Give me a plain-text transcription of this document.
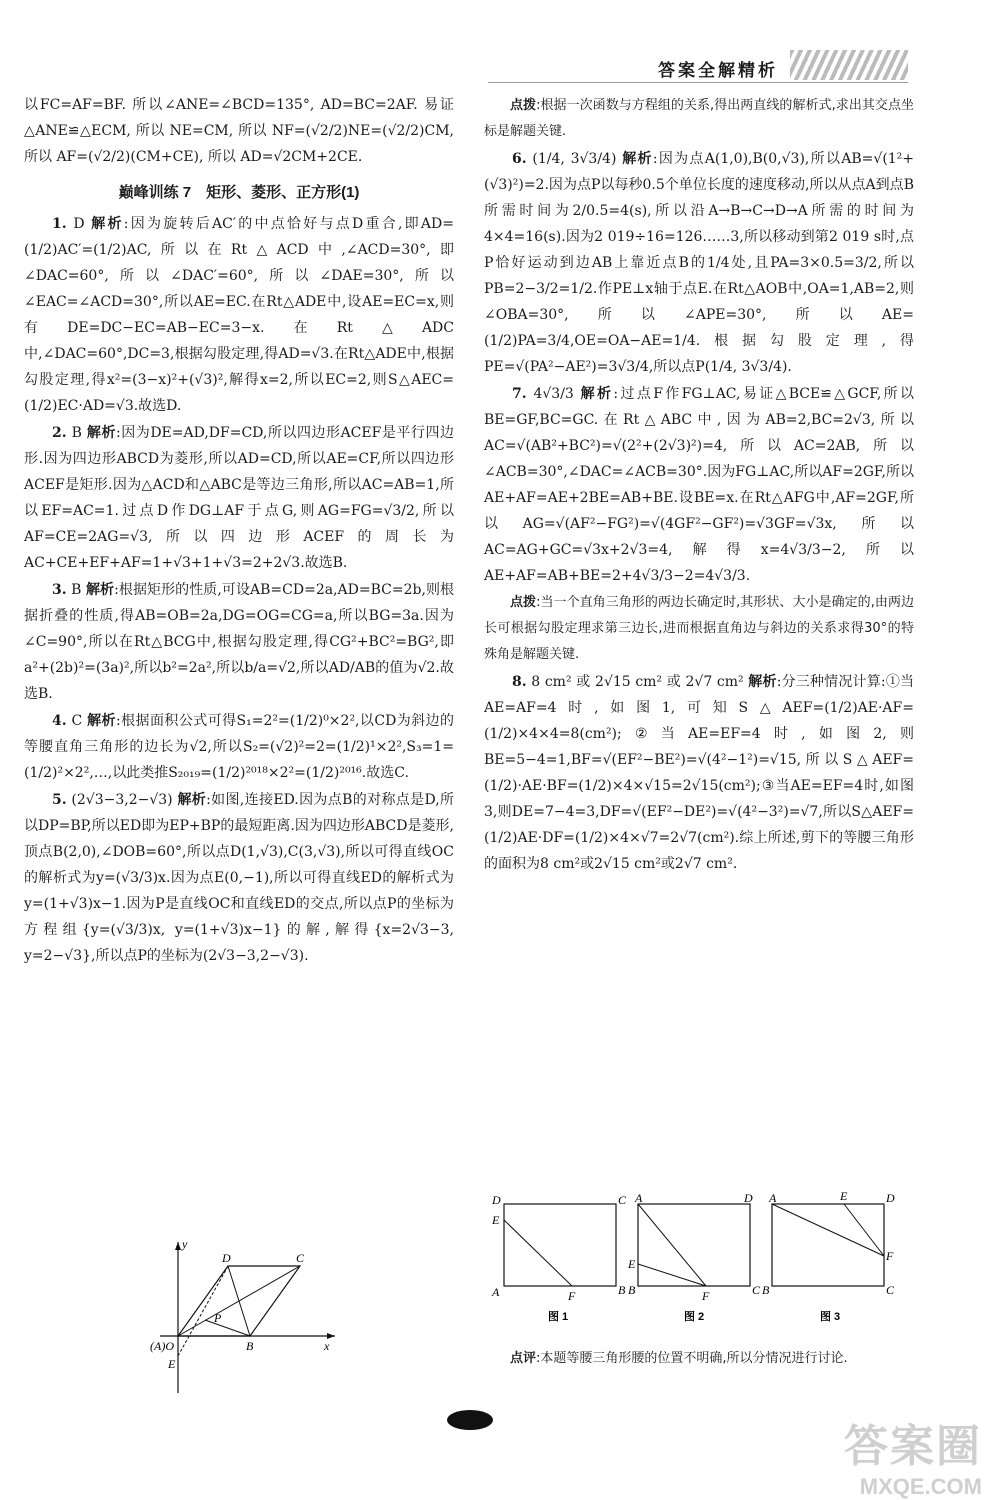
答案全解精析

以FC=AF=BF. 所以∠ANE=∠BCD=135°, AD=BC=2AF. 易证△ANE≌△ECM, 所以 NE=CM, 所以 NF=(√2/2)NE=(√2/2)CM, 所以 AF=(√2/2)(CM+CE), 所以 AD=√2CM+2CE.

巅峰训练 7　矩形、菱形、正方形(1)

1. D 解析:因为旋转后AC′的中点恰好与点D重合,即AD=(1/2)AC′=(1/2)AC,所以在Rt△ACD中,∠ACD=30°,即∠DAC=60°,所以∠DAC′=60°,所以∠DAE=30°,所以∠EAC=∠ACD=30°,所以AE=EC.在Rt△ADE中,设AE=EC=x,则有DE=DC−EC=AB−EC=3−x.在Rt△ADC中,∠DAC=60°,DC=3,根据勾股定理,得AD=√3.在Rt△ADE中,根据勾股定理,得x²=(3−x)²+(√3)²,解得x=2,所以EC=2,则S△AEC=(1/2)EC·AD=√3.故选D.

2. B 解析:因为DE=AD,DF=CD,所以四边形ACEF是平行四边形.因为四边形ABCD为菱形,所以AD=CD,所以AE=CF,所以四边形ACEF是矩形.因为△ACD和△ABC是等边三角形,所以AC=AB=1,所以EF=AC=1.过点D作DG⊥AF于点G,则AG=FG=√3/2,所以AF=CE=2AG=√3,所以四边形ACEF的周长为AC+CE+EF+AF=1+√3+1+√3=2+2√3.故选B.

3. B 解析:根据矩形的性质,可设AB=CD=2a,AD=BC=2b,则根据折叠的性质,得AB=OB=2a,DG=OG=CG=a,所以BG=3a.因为∠C=90°,所以在Rt△BCG中,根据勾股定理,得CG²+BC²=BG²,即a²+(2b)²=(3a)²,所以b²=2a²,所以b/a=√2,所以AD/AB的值为√2.故选B.

4. C 解析:根据面积公式可得S₁=2²=(1/2)⁰×2²,以CD为斜边的等腰直角三角形的边长为√2,所以S₂=(√2)²=2=(1/2)¹×2²,S₃=1=(1/2)²×2²,…,以此类推S₂₀₁₉=(1/2)²⁰¹⁸×2²=(1/2)²⁰¹⁶.故选C.

5. (2√3−3,2−√3) 解析:如图,连接ED.因为点B的对称点是D,所以DP=BP,所以ED即为EP+BP的最短距离.因为四边形ABCD是菱形,顶点B(2,0),∠DOB=60°,所以点D(1,√3),C(3,√3),所以可得直线OC的解析式为y=(√3/3)x.因为点E(0,−1),所以可得直线ED的解析式为y=(1+√3)x−1.因为P是直线OC和直线ED的交点,所以点P的坐标为方程组{y=(√3/3)x, y=(1+√3)x−1}的解,解得{x=2√3−3, y=2−√3},所以点P的坐标为(2√3−3,2−√3).

y
x
D	C
P
(A)O	B
E

点拨:根据一次函数与方程组的关系,得出两直线的解析式,求出其交点坐标是解题关键.

6. (1/4, 3√3/4) 解析:因为点A(1,0),B(0,√3),所以AB=√(1²+(√3)²)=2.因为点P以每秒0.5个单位长度的速度移动,所以从点A到点B所需时间为2/0.5=4(s),所以沿A→B→C→D→A所需的时间为4×4=16(s).因为2 019÷16=126……3,所以移动到第2 019 s时,点P恰好运动到边AB上靠近点B的1/4处,且PA=3×0.5=3/2,所以PB=2−3/2=1/2.作PE⊥x轴于点E.在Rt△AOB中,OA=1,AB=2,则∠OBA=30°,所以∠APE=30°,所以AE=(1/2)PA=3/4,OE=OA−AE=1/4.根据勾股定理,得PE=√(PA²−AE²)=3√3/4,所以点P(1/4, 3√3/4).

7. 4√3/3 解析:过点F作FG⊥AC,易证△BCE≌△GCF,所以BE=GF,BC=GC.在Rt△ABC中,因为AB=2,BC=2√3,所以AC=√(AB²+BC²)=√(2²+(2√3)²)=4,所以AC=2AB,所以∠ACB=30°,∠DAC=∠ACB=30°.因为FG⊥AC,所以AF=2GF,所以AE+AF=AE+2BE=AB+BE.设BE=x.在Rt△AFG中,AF=2GF,所以AG=√(AF²−FG²)=√(4GF²−GF²)=√3GF=√3x,所以AC=AG+GC=√3x+2√3=4,解得x=4√3/3−2,所以AE+AF=AB+BE=2+4√3/3−2=4√3/3.

点拨:当一个直角三角形的两边长确定时,其形状、大小是确定的,由两边长可根据勾股定理求第三边长,进而根据直角边与斜边的关系求得30°的特殊角是解题关键.

8. 8 cm² 或 2√15 cm² 或 2√7 cm² 解析:分三种情况计算:①当AE=AF=4时,如图1,可知S△AEF=(1/2)AE·AF=(1/2)×4×4=8(cm²);②当AE=EF=4时,如图2,则BE=5−4=1,BF=√(EF²−BE²)=√(4²−1²)=√15,所以S△AEF=(1/2)·AE·BF=(1/2)×4×√15=2√15(cm²);③当AE=EF=4时,如图3,则DE=7−4=3,DF=√(EF²−DE²)=√(4²−3²)=√7,所以S△AEF=(1/2)AE·DF=(1/2)×4×√7=2√7(cm²).综上所述,剪下的等腰三角形的面积为8 cm²或2√15 cm²或2√7 cm².

D	C
E
A	F	B
图 1
A	D
E
B	F	C
图 2
A	E	D
F
B	C
图 3

点评:本题等腰三角形腰的位置不明确,所以分情况进行讨论.

答案圈
MXQE.COM
